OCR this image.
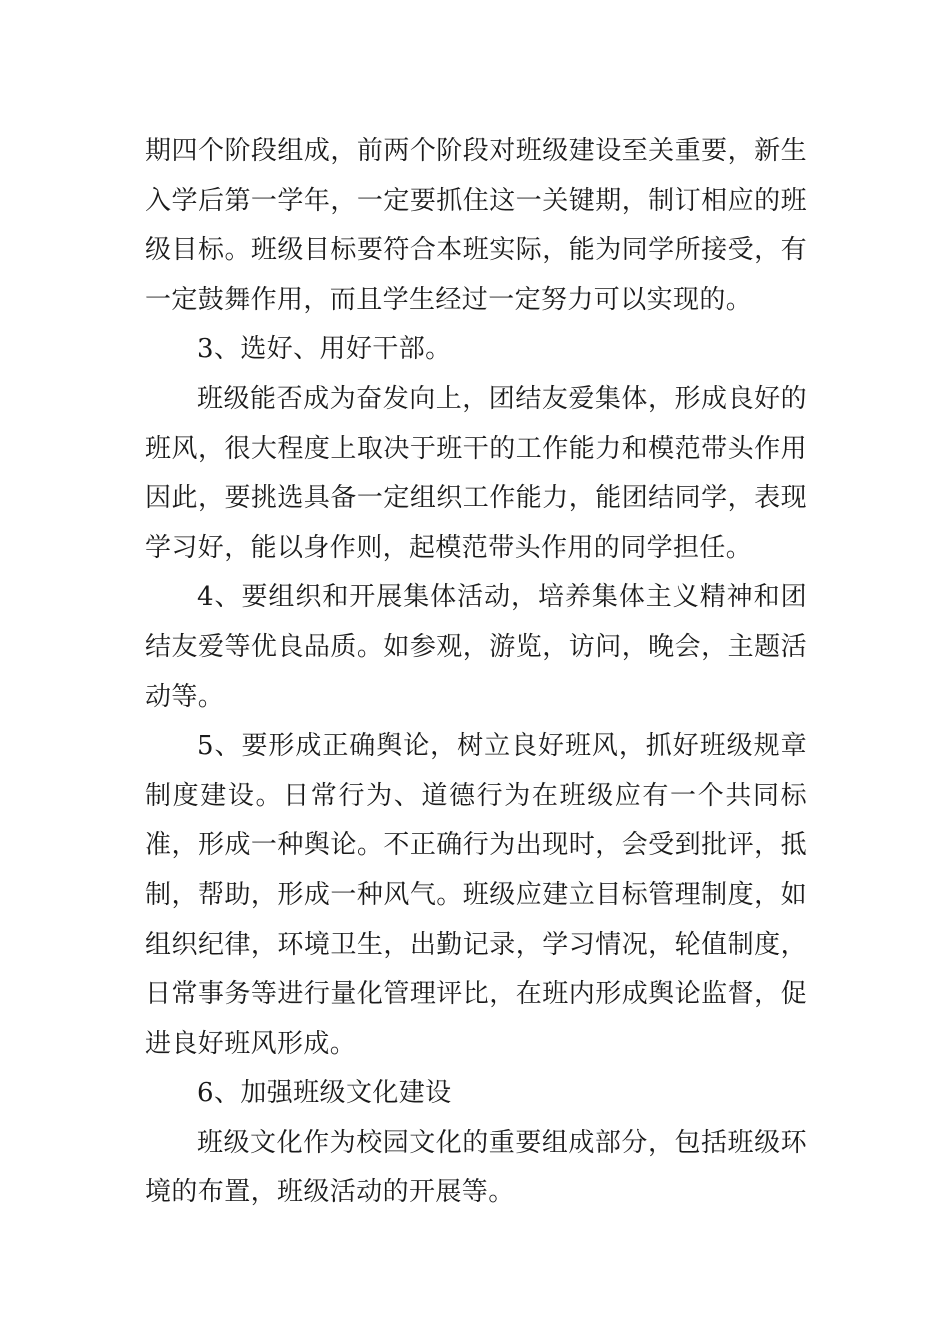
期四个阶段组成，前两个阶段对班级建设至关重要，新生入学后第一学年，一定要抓住这一关键期，制订相应的班级目标。班级目标要符合本班实际，能为同学所接受，有一定鼓舞作用，而且学生经过一定努力可以实现的。

3、选好、用好干部。

班级能否成为奋发向上，团结友爱集体，形成良好的班风，很大程度上取决于班干的工作能力和模范带头作用因此，要挑选具备一定组织工作能力，能团结同学，表现学习好，能以身作则，起模范带头作用的同学担任。

4、要组织和开展集体活动，培养集体主义精神和团结友爱等优良品质。如参观，游览，访问，晚会，主题活动等。

5、要形成正确舆论，树立良好班风，抓好班级规章制度建设。日常行为、道德行为在班级应有一个共同标准，形成一种舆论。不正确行为出现时，会受到批评，抵制，帮助，形成一种风气。班级应建立目标管理制度，如组织纪律，环境卫生，出勤记录，学习情况，轮值制度，日常事务等进行量化管理评比，在班内形成舆论监督，促进良好班风形成。

6、加强班级文化建设

班级文化作为校园文化的重要组成部分，包括班级环境的布置，班级活动的开展等。
